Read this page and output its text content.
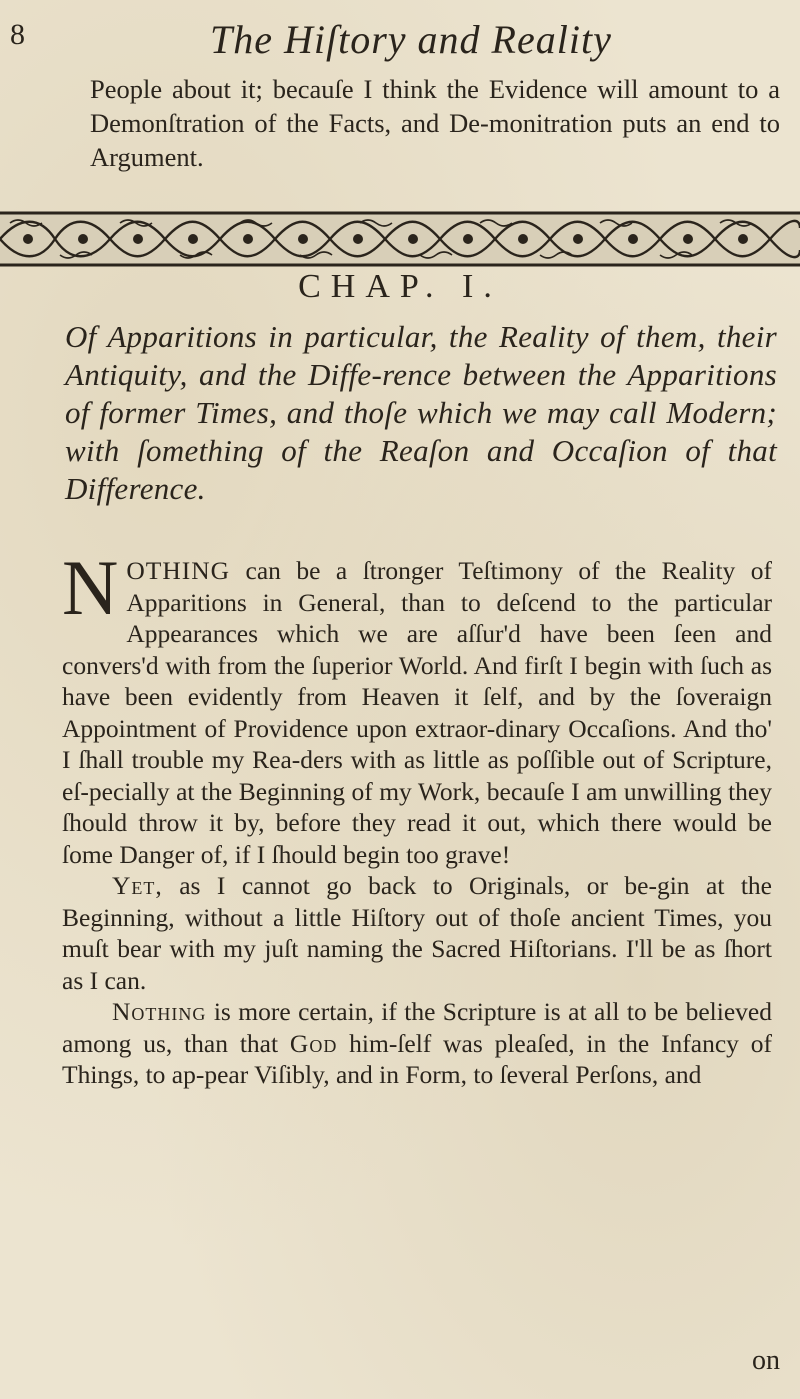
8	The Hiſtory and Reality
People about it; becauſe I think the Evidence will amount to a Demonſtration of the Facts, and De-monitration puts an end to Argument.
CHAP. I.
Of Apparitions in particular, the Reality of them, their Antiquity, and the Diffe-rence between the Apparitions of former Times, and thoſe which we may call Modern; with ſomething of the Reaſon and Occaſion of that Difference.

NOTHING can be a ſtronger Teſtimony of the Reality of Apparitions in General, than to deſcend to the particular Appearances which we are aſſur'd have been ſeen and convers'd with from the ſuperior World. And firſt I begin with ſuch as have been evidently from Heaven it ſelf, and by the ſoveraign Appointment of Providence upon extraor-dinary Occaſions. And tho' I ſhall trouble my Rea-ders with as little as poſſible out of Scripture, eſ-pecially at the Beginning of my Work, becauſe I am unwilling they ſhould throw it by, before they read it out, which there would be ſome Danger of, if I ſhould begin too grave!

Yet, as I cannot go back to Originals, or be-gin at the Beginning, without a little Hiſtory out of thoſe ancient Times, you muſt bear with my juſt naming the Sacred Hiſtorians. I'll be as ſhort as I can.

Nothing is more certain, if the Scripture is at all to be believed among us, than that God him-ſelf was pleaſed, in the Infancy of Things, to ap-pear Viſibly, and in Form, to ſeveral Perſons, and

on
